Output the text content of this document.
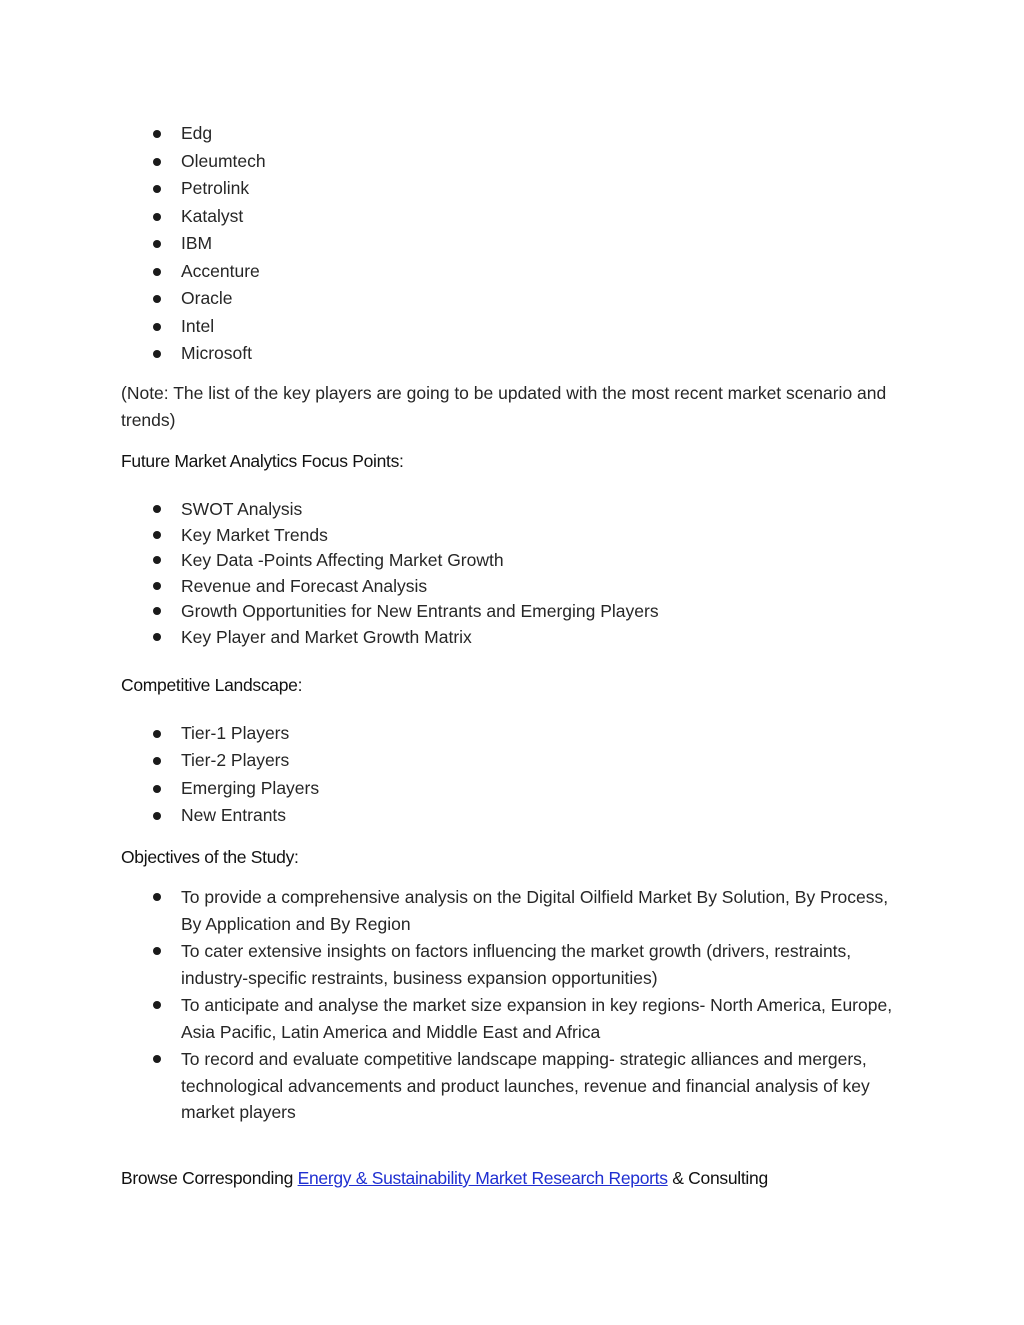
Edg
Oleumtech
Petrolink
Katalyst
IBM
Accenture
Oracle
Intel
Microsoft

(Note: The list of the key players are going to be updated with the most recent market scenario and trends)

Future Market Analytics Focus Points:

SWOT Analysis
Key Market Trends
Key Data -Points Affecting Market Growth
Revenue and Forecast Analysis
Growth Opportunities for New Entrants and Emerging Players
Key Player and Market Growth Matrix

Competitive Landscape:

Tier-1 Players
Tier-2 Players
Emerging Players
New Entrants

Objectives of the Study:

To provide a comprehensive analysis on the Digital Oilfield Market By Solution, By Process, By Application and By Region
To cater extensive insights on factors influencing the market growth (drivers, restraints, industry-specific restraints, business expansion opportunities)
To anticipate and analyse the market size expansion in key regions- North America, Europe, Asia Pacific, Latin America and Middle East and Africa
To record and evaluate competitive landscape mapping- strategic alliances and mergers, technological advancements and product launches, revenue and financial analysis of key market players
Browse Corresponding Energy & Sustainability Market Research Reports & Consulting
